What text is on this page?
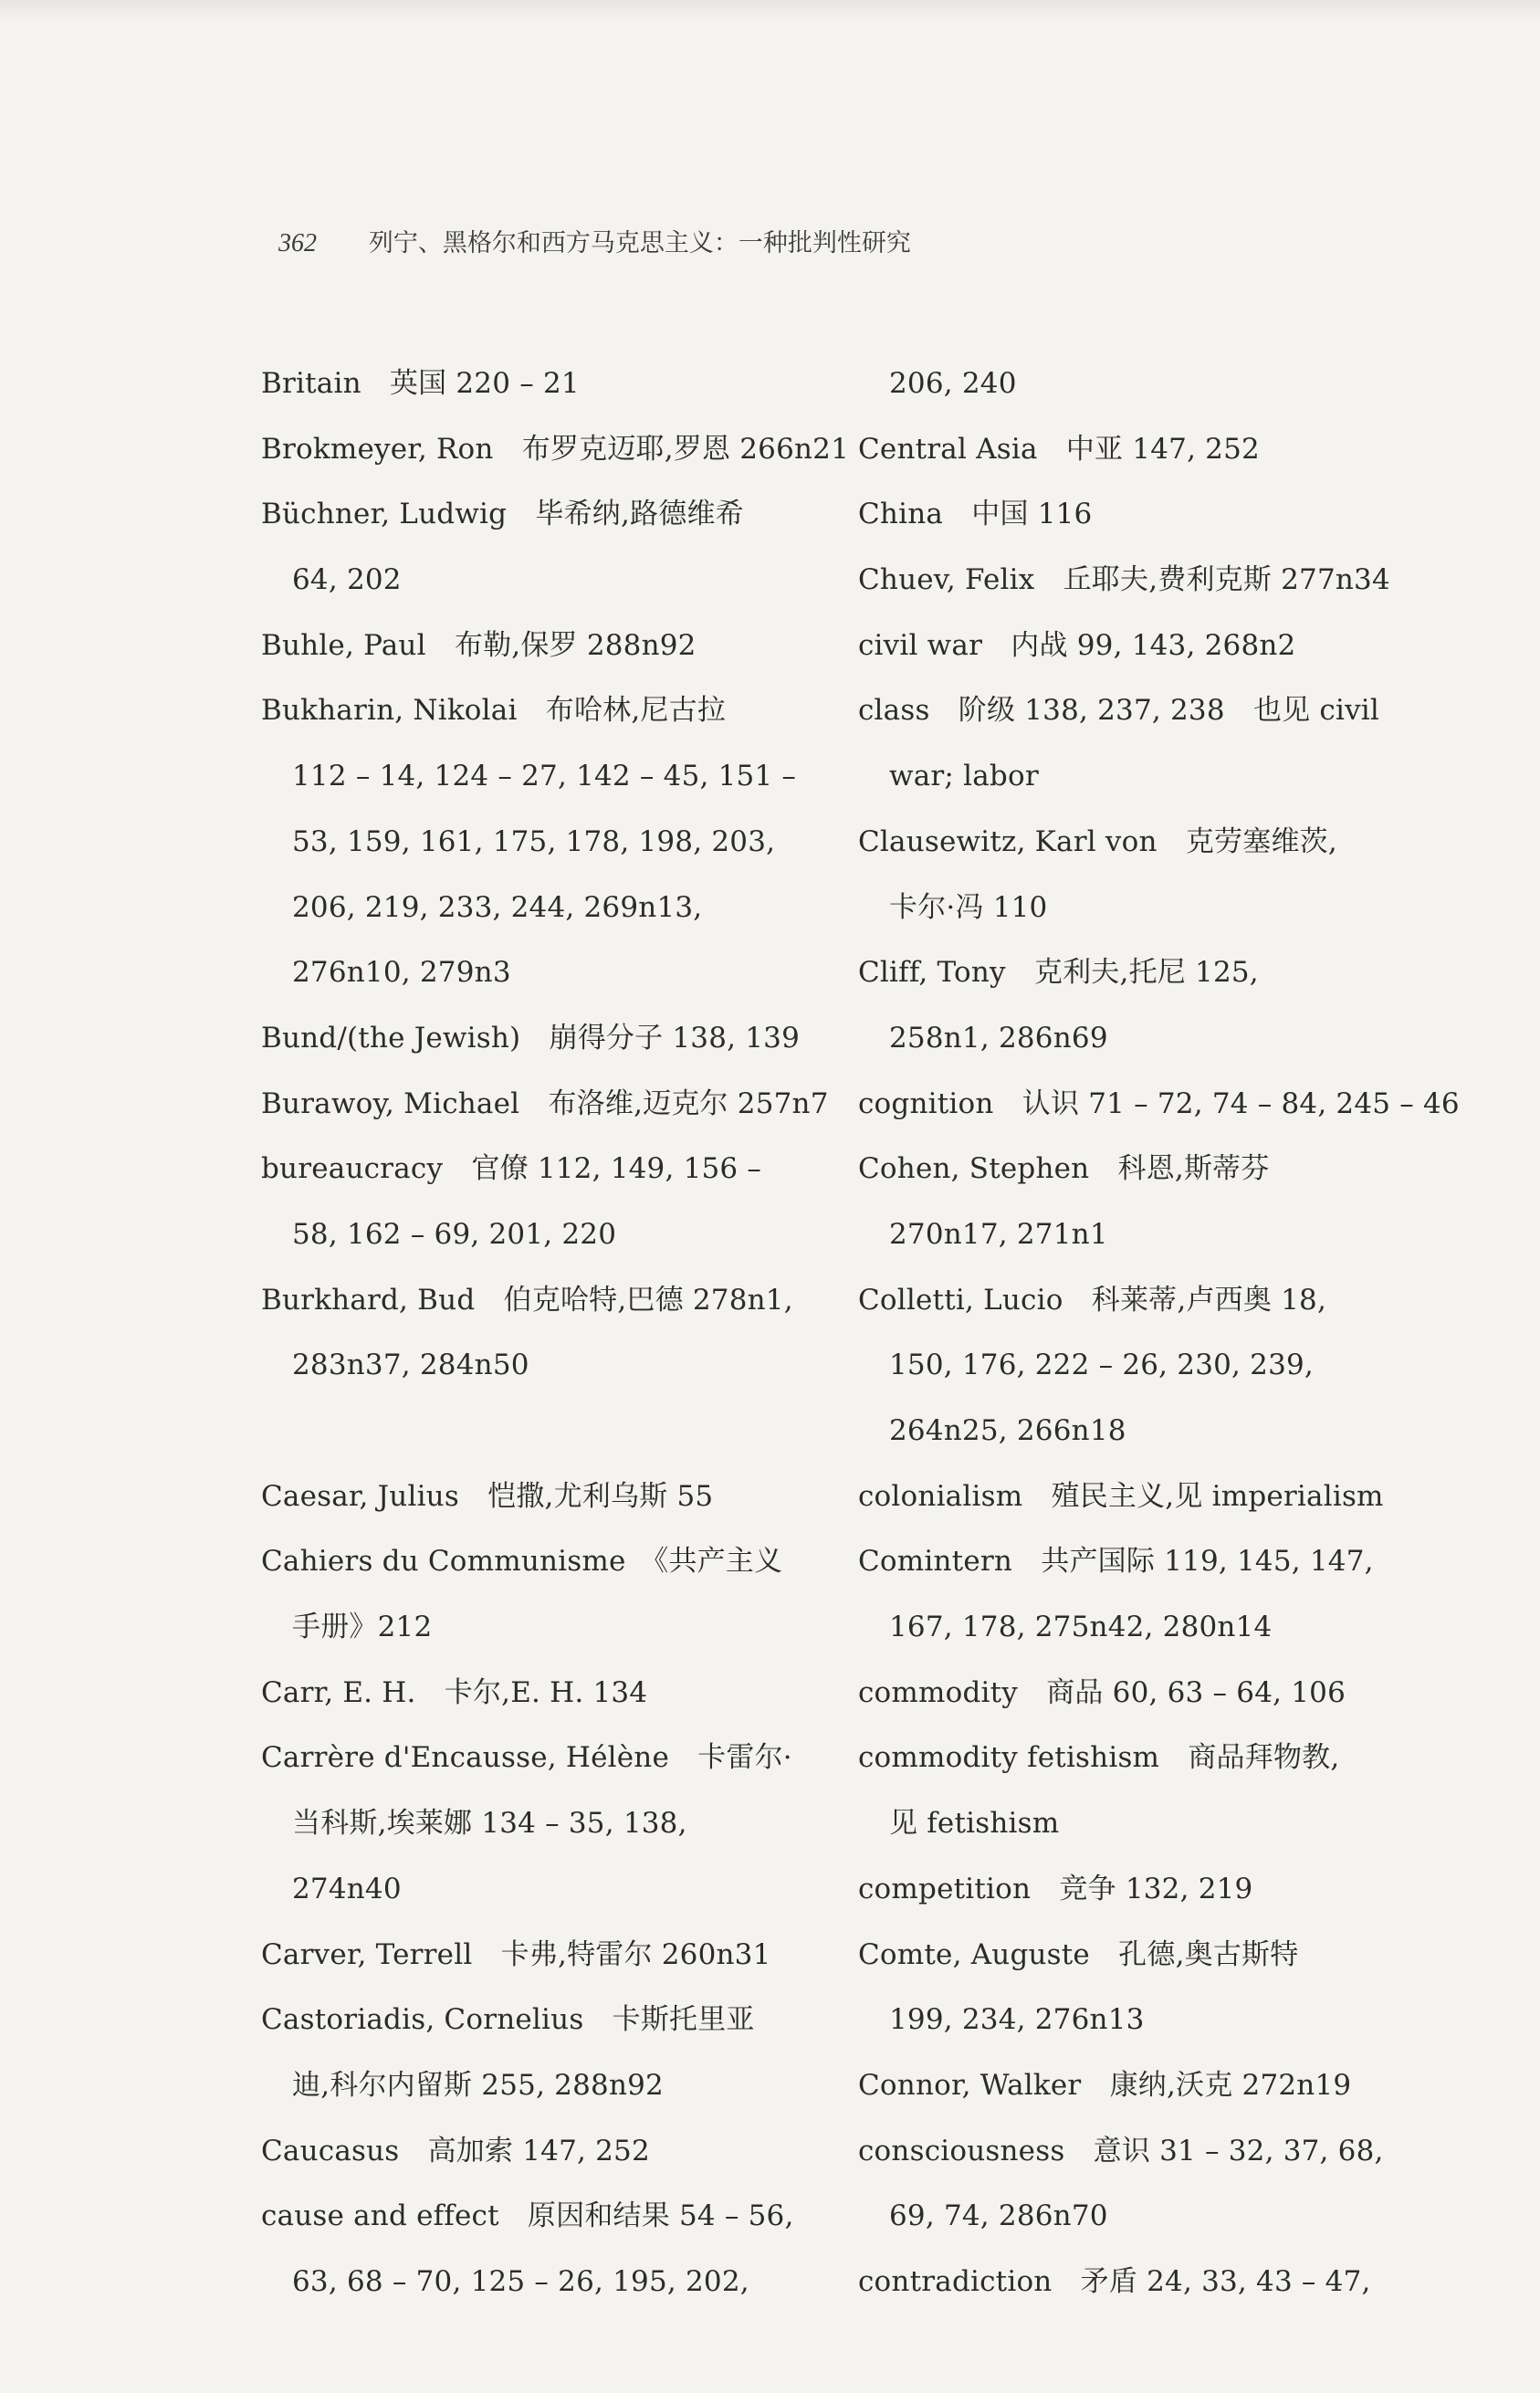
362 列宁、黑格尔和西方马克思主义：一种批判性研究
Britain　英国 220 – 21
Brokmeyer, Ron　布罗克迈耶,罗恩 266n21
Büchner, Ludwig　毕希纳,路德维希
64, 202
Buhle, Paul　布勒,保罗 288n92
Bukharin, Nikolai　布哈林,尼古拉
112 – 14, 124 – 27, 142 – 45, 151 –
53, 159, 161, 175, 178, 198, 203,
206, 219, 233, 244, 269n13,
276n10, 279n3
Bund/(the Jewish)　崩得分子 138, 139
Burawoy, Michael　布洛维,迈克尔 257n7
bureaucracy　官僚 112, 149, 156 –
58, 162 – 69, 201, 220
Burkhard, Bud　伯克哈特,巴德 278n1,
283n37, 284n50
Caesar, Julius　恺撒,尤利乌斯 55
Cahiers du Communisme　《共产主义
手册》212
Carr, E. H.　卡尔,E. H. 134
Carrère d'Encausse, Hélène　卡雷尔·
当科斯,埃莱娜 134 – 35, 138,
274n40
Carver, Terrell　卡弗,特雷尔 260n31
Castoriadis, Cornelius　卡斯托里亚
迪,科尔内留斯 255, 288n92
Caucasus　高加索 147, 252
cause and effect　原因和结果 54 – 56,
63, 68 – 70, 125 – 26, 195, 202,
206, 240
Central Asia　中亚 147, 252
China　中国 116
Chuev, Felix　丘耶夫,费利克斯 277n34
civil war　内战 99, 143, 268n2
class　阶级 138, 237, 238　也见 civil
war; labor
Clausewitz, Karl von　克劳塞维茨,
卡尔·冯 110
Cliff, Tony　克利夫,托尼 125,
258n1, 286n69
cognition　认识 71 – 72, 74 – 84, 245 – 46
Cohen, Stephen　科恩,斯蒂芬
270n17, 271n1
Colletti, Lucio　科莱蒂,卢西奥 18,
150, 176, 222 – 26, 230, 239,
264n25, 266n18
colonialism　殖民主义,见 imperialism
Comintern　共产国际 119, 145, 147,
167, 178, 275n42, 280n14
commodity　商品 60, 63 – 64, 106
commodity fetishism　商品拜物教,
见 fetishism
competition　竞争 132, 219
Comte, Auguste　孔德,奥古斯特
199, 234, 276n13
Connor, Walker　康纳,沃克 272n19
consciousness　意识 31 – 32, 37, 68,
69, 74, 286n70
contradiction　矛盾 24, 33, 43 – 47,
